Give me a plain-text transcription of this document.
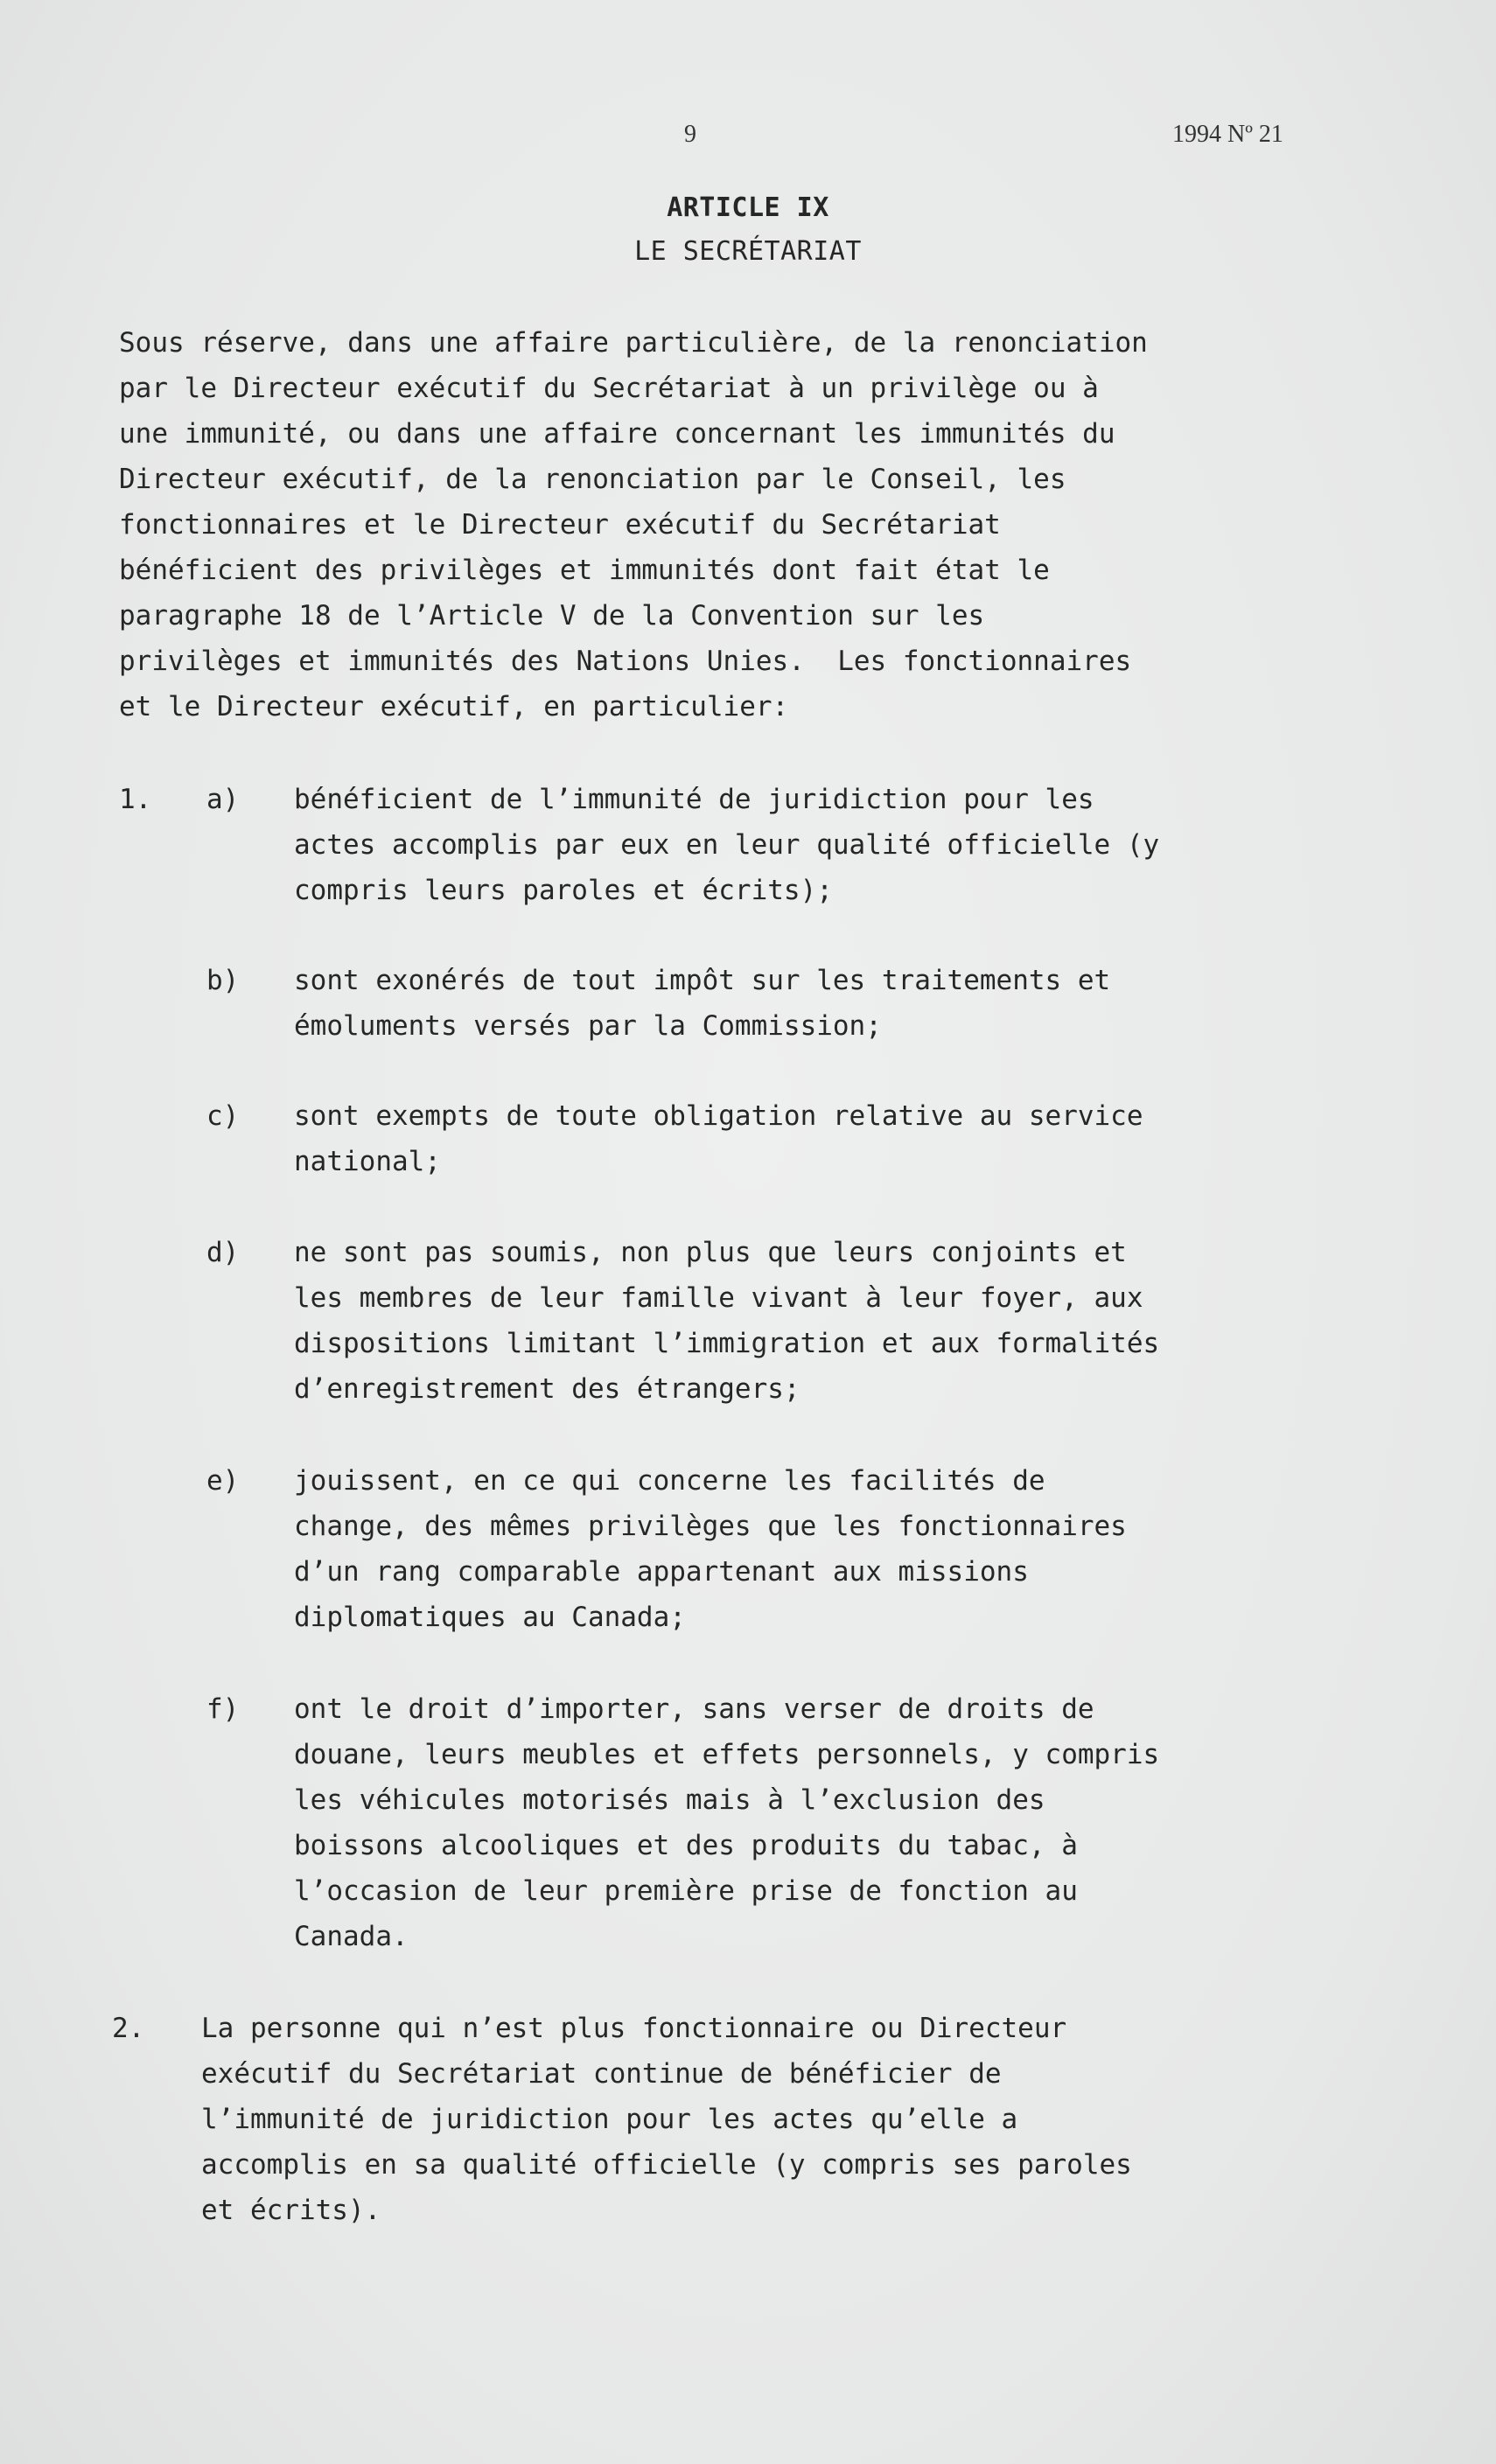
9	1994 Nº 21
ARTICLE IX
LE SECRÉTARIAT
Sous réserve, dans une affaire particulière, de la renonciation
par le Directeur exécutif du Secrétariat à un privilège ou à
une immunité, ou dans une affaire concernant les immunités du
Directeur exécutif, de la renonciation par le Conseil, les
fonctionnaires et le Directeur exécutif du Secrétariat
bénéficient des privilèges et immunités dont fait état le
paragraphe 18 de l’Article V de la Convention sur les
privilèges et immunités des Nations Unies.  Les fonctionnaires
et le Directeur exécutif, en particulier:
1. a) bénéficient de l’immunité de juridiction pour les
actes accomplis par eux en leur qualité officielle (y
compris leurs paroles et écrits);
b) sont exonérés de tout impôt sur les traitements et
émoluments versés par la Commission;
c) sont exempts de toute obligation relative au service
national;
d) ne sont pas soumis, non plus que leurs conjoints et
les membres de leur famille vivant à leur foyer, aux
dispositions limitant l’immigration et aux formalités
d’enregistrement des étrangers;
e) jouissent, en ce qui concerne les facilités de
change, des mêmes privilèges que les fonctionnaires
d’un rang comparable appartenant aux missions
diplomatiques au Canada;
f) ont le droit d’importer, sans verser de droits de
douane, leurs meubles et effets personnels, y compris
les véhicules motorisés mais à l’exclusion des
boissons alcooliques et des produits du tabac, à
l’occasion de leur première prise de fonction au
Canada.
2. La personne qui n’est plus fonctionnaire ou Directeur
exécutif du Secrétariat continue de bénéficier de
l’immunité de juridiction pour les actes qu’elle a
accomplis en sa qualité officielle (y compris ses paroles
et écrits).
